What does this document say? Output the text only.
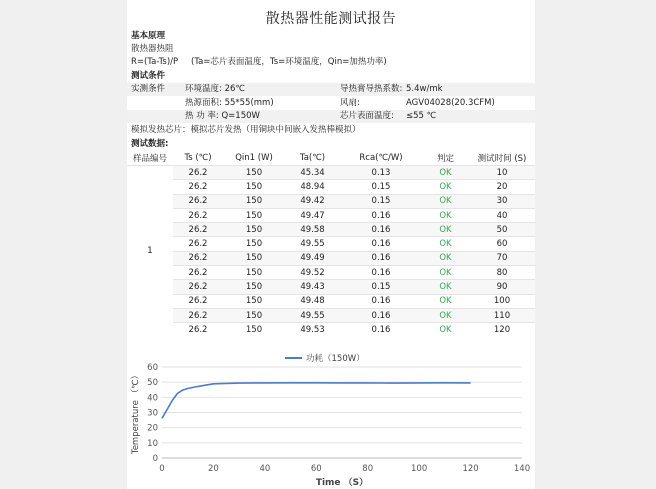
散热器性能测试报告
基本原理
散热器热阻
R=(Ta-Ts)/P (Ta=芯片表面温度，Ts=环境温度，Qin=加热功率)
测试条件
实测条件 环境温度: 26℃	导热膏导热系数: 5.4w/mk
热源面积: 55*55(mm)	风扇:	AGV04028(20.3CFM)
热 功 率: Q=150W	芯片表面温度: ≤55 ℃
模拟发热芯片：模拟芯片发热（用铜块中间嵌入发热棒模拟）
测试数据:
样品编号	Ts (℃)	Qin1 (W)	Ta(℃)	Rca(℃/W)	判定	测试时间 (S)
1	26.2	150	45.34	0.13	OK	10
	26.2	150	48.94	0.15	OK	20
	26.2	150	49.42	0.15	OK	30
	26.2	150	49.47	0.16	OK	40
	26.2	150	49.58	0.16	OK	50
	26.2	150	49.55	0.16	OK	60
	26.2	150	49.49	0.16	OK	70
	26.2	150	49.52	0.16	OK	80
	26.2	150	49.43	0.15	OK	90
	26.2	150	49.48	0.16	OK	100
	26.2	150	49.55	0.16	OK	110
	26.2	150	49.53	0.16	OK	120
0
10
20
30
40
50
60
0	20	40	60	80	100	120	140
功耗（150W）
Time （S）
Temperature （℃）
